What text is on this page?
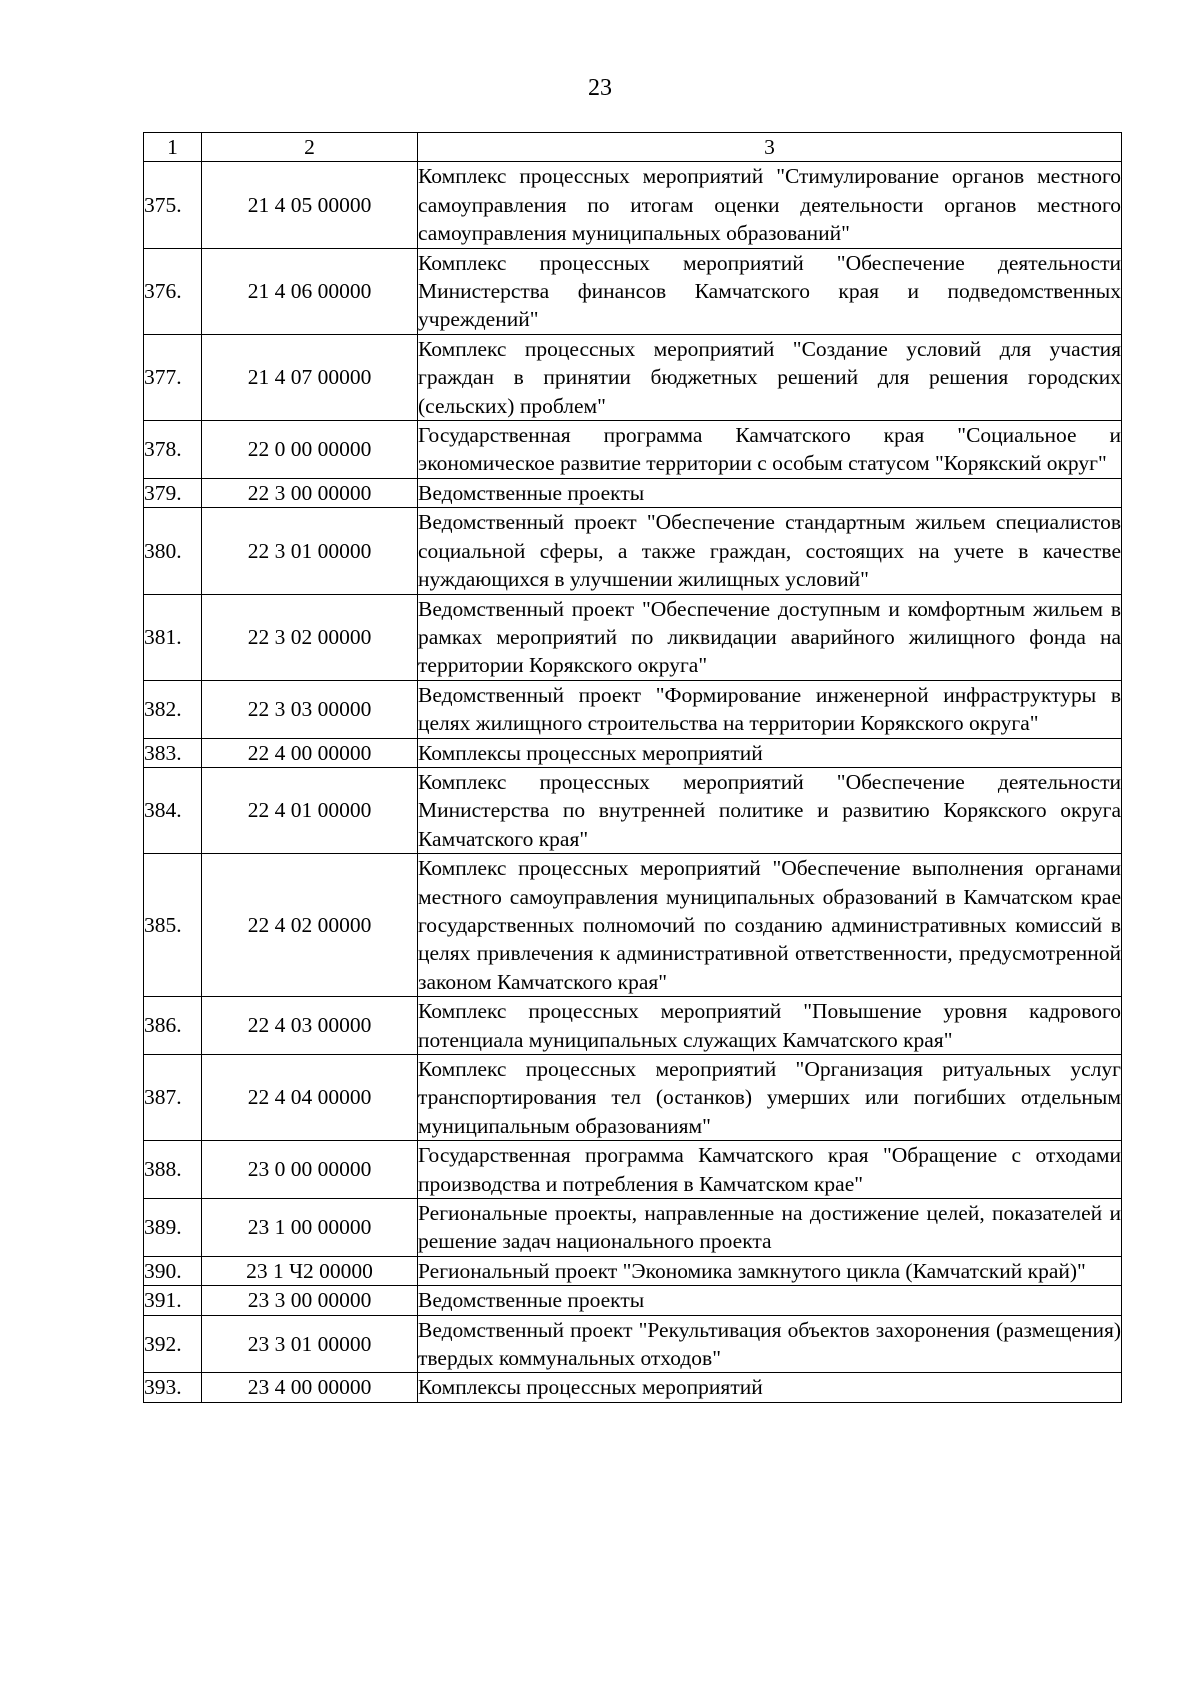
23
1	2	3
375.	21 4 05 00000	Комплекс процессных мероприятий "Стимулирование органов местного самоуправления по итогам оценки деятельности органов местного самоуправления муниципальных образований"
376.	21 4 06 00000	Комплекс процессных мероприятий "Обеспечение деятельности Министерства финансов Камчатского края и подведомственных учреждений"
377.	21 4 07 00000	Комплекс процессных мероприятий "Создание условий для участия граждан в принятии бюджетных решений для решения городских (сельских) проблем"
378.	22 0 00 00000	Государственная программа Камчатского края "Социальное и экономическое развитие территории с особым статусом "Корякский округ"
379.	22 3 00 00000	Ведомственные проекты
380.	22 3 01 00000	Ведомственный проект "Обеспечение стандартным жильем специалистов социальной сферы, а также граждан, состоящих на учете в качестве нуждающихся в улучшении жилищных условий"
381.	22 3 02 00000	Ведомственный проект "Обеспечение доступным и комфортным жильем в рамках мероприятий по ликвидации аварийного жилищного фонда на территории Корякского округа"
382.	22 3 03 00000	Ведомственный проект "Формирование инженерной инфраструктуры в целях жилищного строительства на территории Корякского округа"
383.	22 4 00 00000	Комплексы процессных мероприятий
384.	22 4 01 00000	Комплекс процессных мероприятий "Обеспечение деятельности Министерства по внутренней политике и развитию Корякского округа Камчатского края"
385.	22 4 02 00000	Комплекс процессных мероприятий "Обеспечение выполнения органами местного самоуправления муниципальных образований в Камчатском крае государственных полномочий по созданию административных комиссий в целях привлечения к административной ответственности, предусмотренной законом Камчатского края"
386.	22 4 03 00000	Комплекс процессных мероприятий "Повышение уровня кадрового потенциала муниципальных служащих Камчатского края"
387.	22 4 04 00000	Комплекс процессных мероприятий "Организация ритуальных услуг транспортирования тел (останков) умерших или погибших отдельным муниципальным образованиям"
388.	23 0 00 00000	Государственная программа Камчатского края "Обращение с отходами производства и потребления в Камчатском крае"
389.	23 1 00 00000	Региональные проекты, направленные на достижение целей, показателей и решение задач национального проекта
390.	23 1 Ч2 00000	Региональный проект "Экономика замкнутого цикла (Камчатский край)"
391.	23 3 00 00000	Ведомственные проекты
392.	23 3 01 00000	Ведомственный проект "Рекультивация объектов захоронения (размещения) твердых коммунальных отходов"
393.	23 4 00 00000	Комплексы процессных мероприятий
